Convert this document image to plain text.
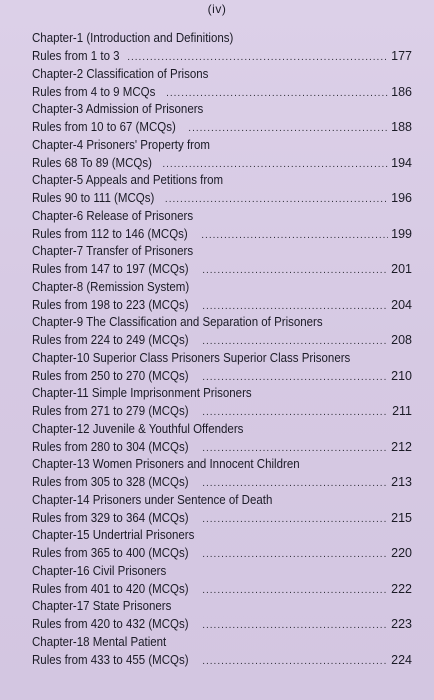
(iv)
Chapter-1 (Introduction and Definitions)
Rules from 1 to 3 .....	177
Chapter-2 Classification of Prisons
Rules from 4 to 9 MCQs .....	186
Chapter-3 Admission of Prisoners
Rules from 10 to 67 (MCQs) .....	188
Chapter-4 Prisoners' Property from
Rules 68 To 89 (MCQs) .....	194
Chapter-5 Appeals and Petitions from
Rules 90 to 111 (MCQs) .....	196
Chapter-6 Release of Prisoners
Rules from 112 to 146 (MCQs) .....	199
Chapter-7 Transfer of Prisoners
Rules from 147 to 197 (MCQs) .....	201
Chapter-8 (Remission System)
Rules from 198 to 223 (MCQs) .....	204
Chapter-9 The Classification and Separation of Prisoners
Rules from 224 to 249 (MCQs) .....	208
Chapter-10 Superior Class Prisoners Superior Class Prisoners
Rules from 250 to 270 (MCQs) .....	210
Chapter-11 Simple Imprisonment Prisoners
Rules from 271 to 279 (MCQs) .....	211
Chapter-12 Juvenile & Youthful Offenders
Rules from 280 to 304 (MCQs) .....	212
Chapter-13 Women Prisoners and Innocent Children
Rules from 305 to 328 (MCQs) .....	213
Chapter-14 Prisoners under Sentence of Death
Rules from 329 to 364 (MCQs) .....	215
Chapter-15 Undertrial Prisoners
Rules from 365 to 400 (MCQs) .....	220
Chapter-16 Civil Prisoners
Rules from 401 to 420 (MCQs) .....	222
Chapter-17 State Prisoners
Rules from 420 to 432 (MCQs) .....	223
Chapter-18 Mental Patient
Rules from 433 to 455 (MCQs) .....	224
